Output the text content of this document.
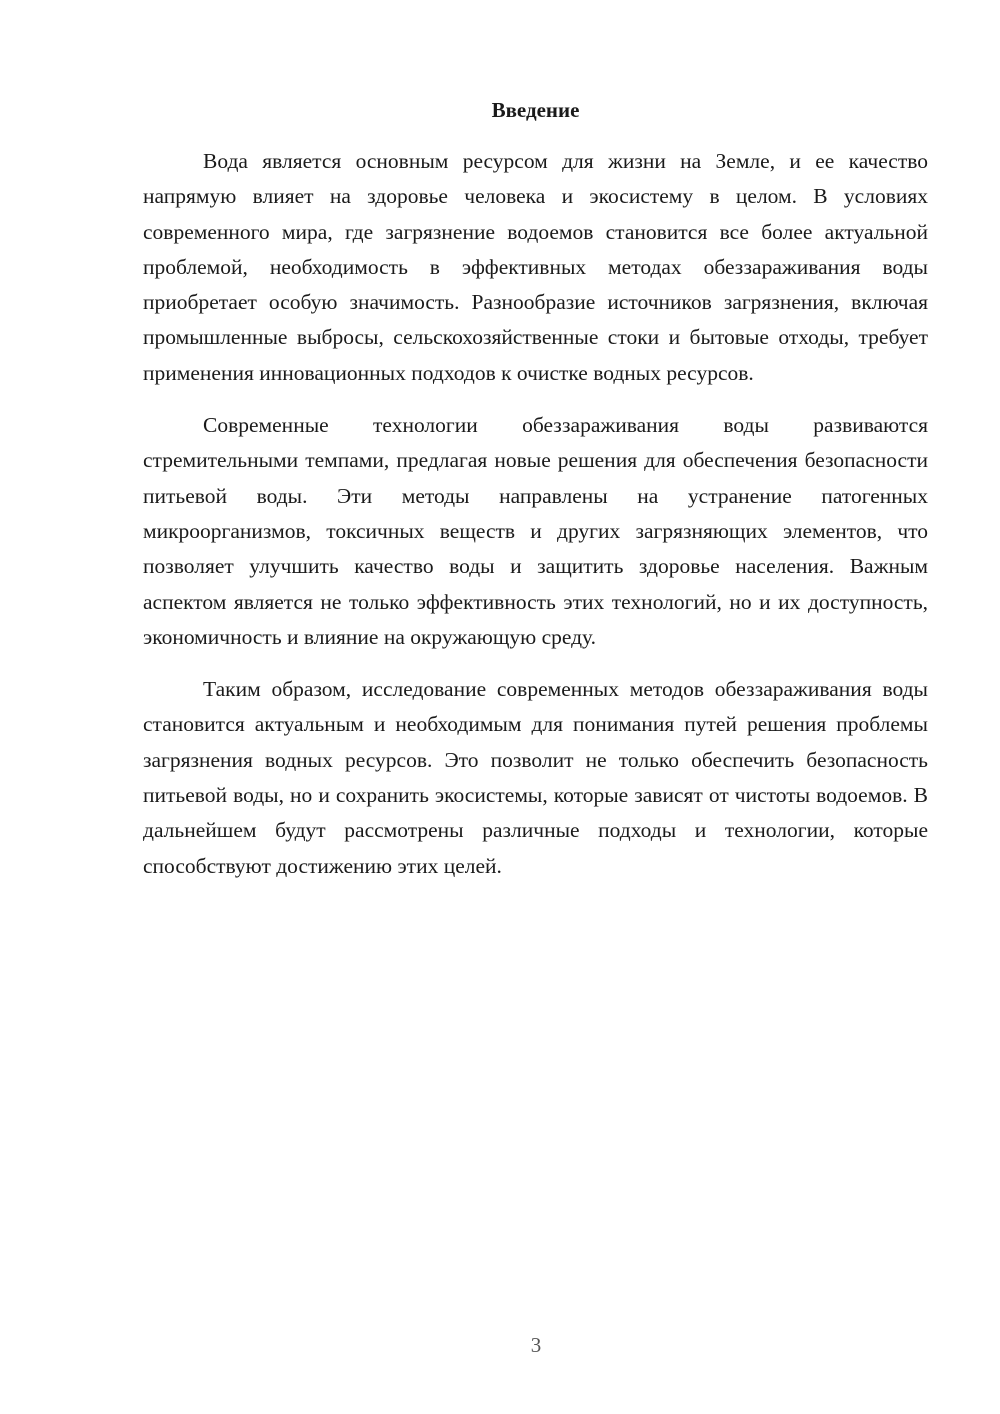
Введение

Вода является основным ресурсом для жизни на Земле, и ее качество напрямую влияет на здоровье человека и экосистему в целом. В условиях современного мира, где загрязнение водоемов становится все более актуальной проблемой, необходимость в эффективных методах обеззараживания воды приобретает особую значимость. Разнообразие источников загрязнения, включая промышленные выбросы, сельскохозяйственные стоки и бытовые отходы, требует применения инновационных подходов к очистке водных ресурсов.

Современные технологии обеззараживания воды развиваются стремительными темпами, предлагая новые решения для обеспечения безопасности питьевой воды. Эти методы направлены на устранение патогенных микроорганизмов, токсичных веществ и других загрязняющих элементов, что позволяет улучшить качество воды и защитить здоровье населения. Важным аспектом является не только эффективность этих технологий, но и их доступность, экономичность и влияние на окружающую среду.

Таким образом, исследование современных методов обеззараживания воды становится актуальным и необходимым для понимания путей решения проблемы загрязнения водных ресурсов. Это позволит не только обеспечить безопасность питьевой воды, но и сохранить экосистемы, которые зависят от чистоты водоемов. В дальнейшем будут рассмотрены различные подходы и технологии, которые способствуют достижению этих целей.

3
